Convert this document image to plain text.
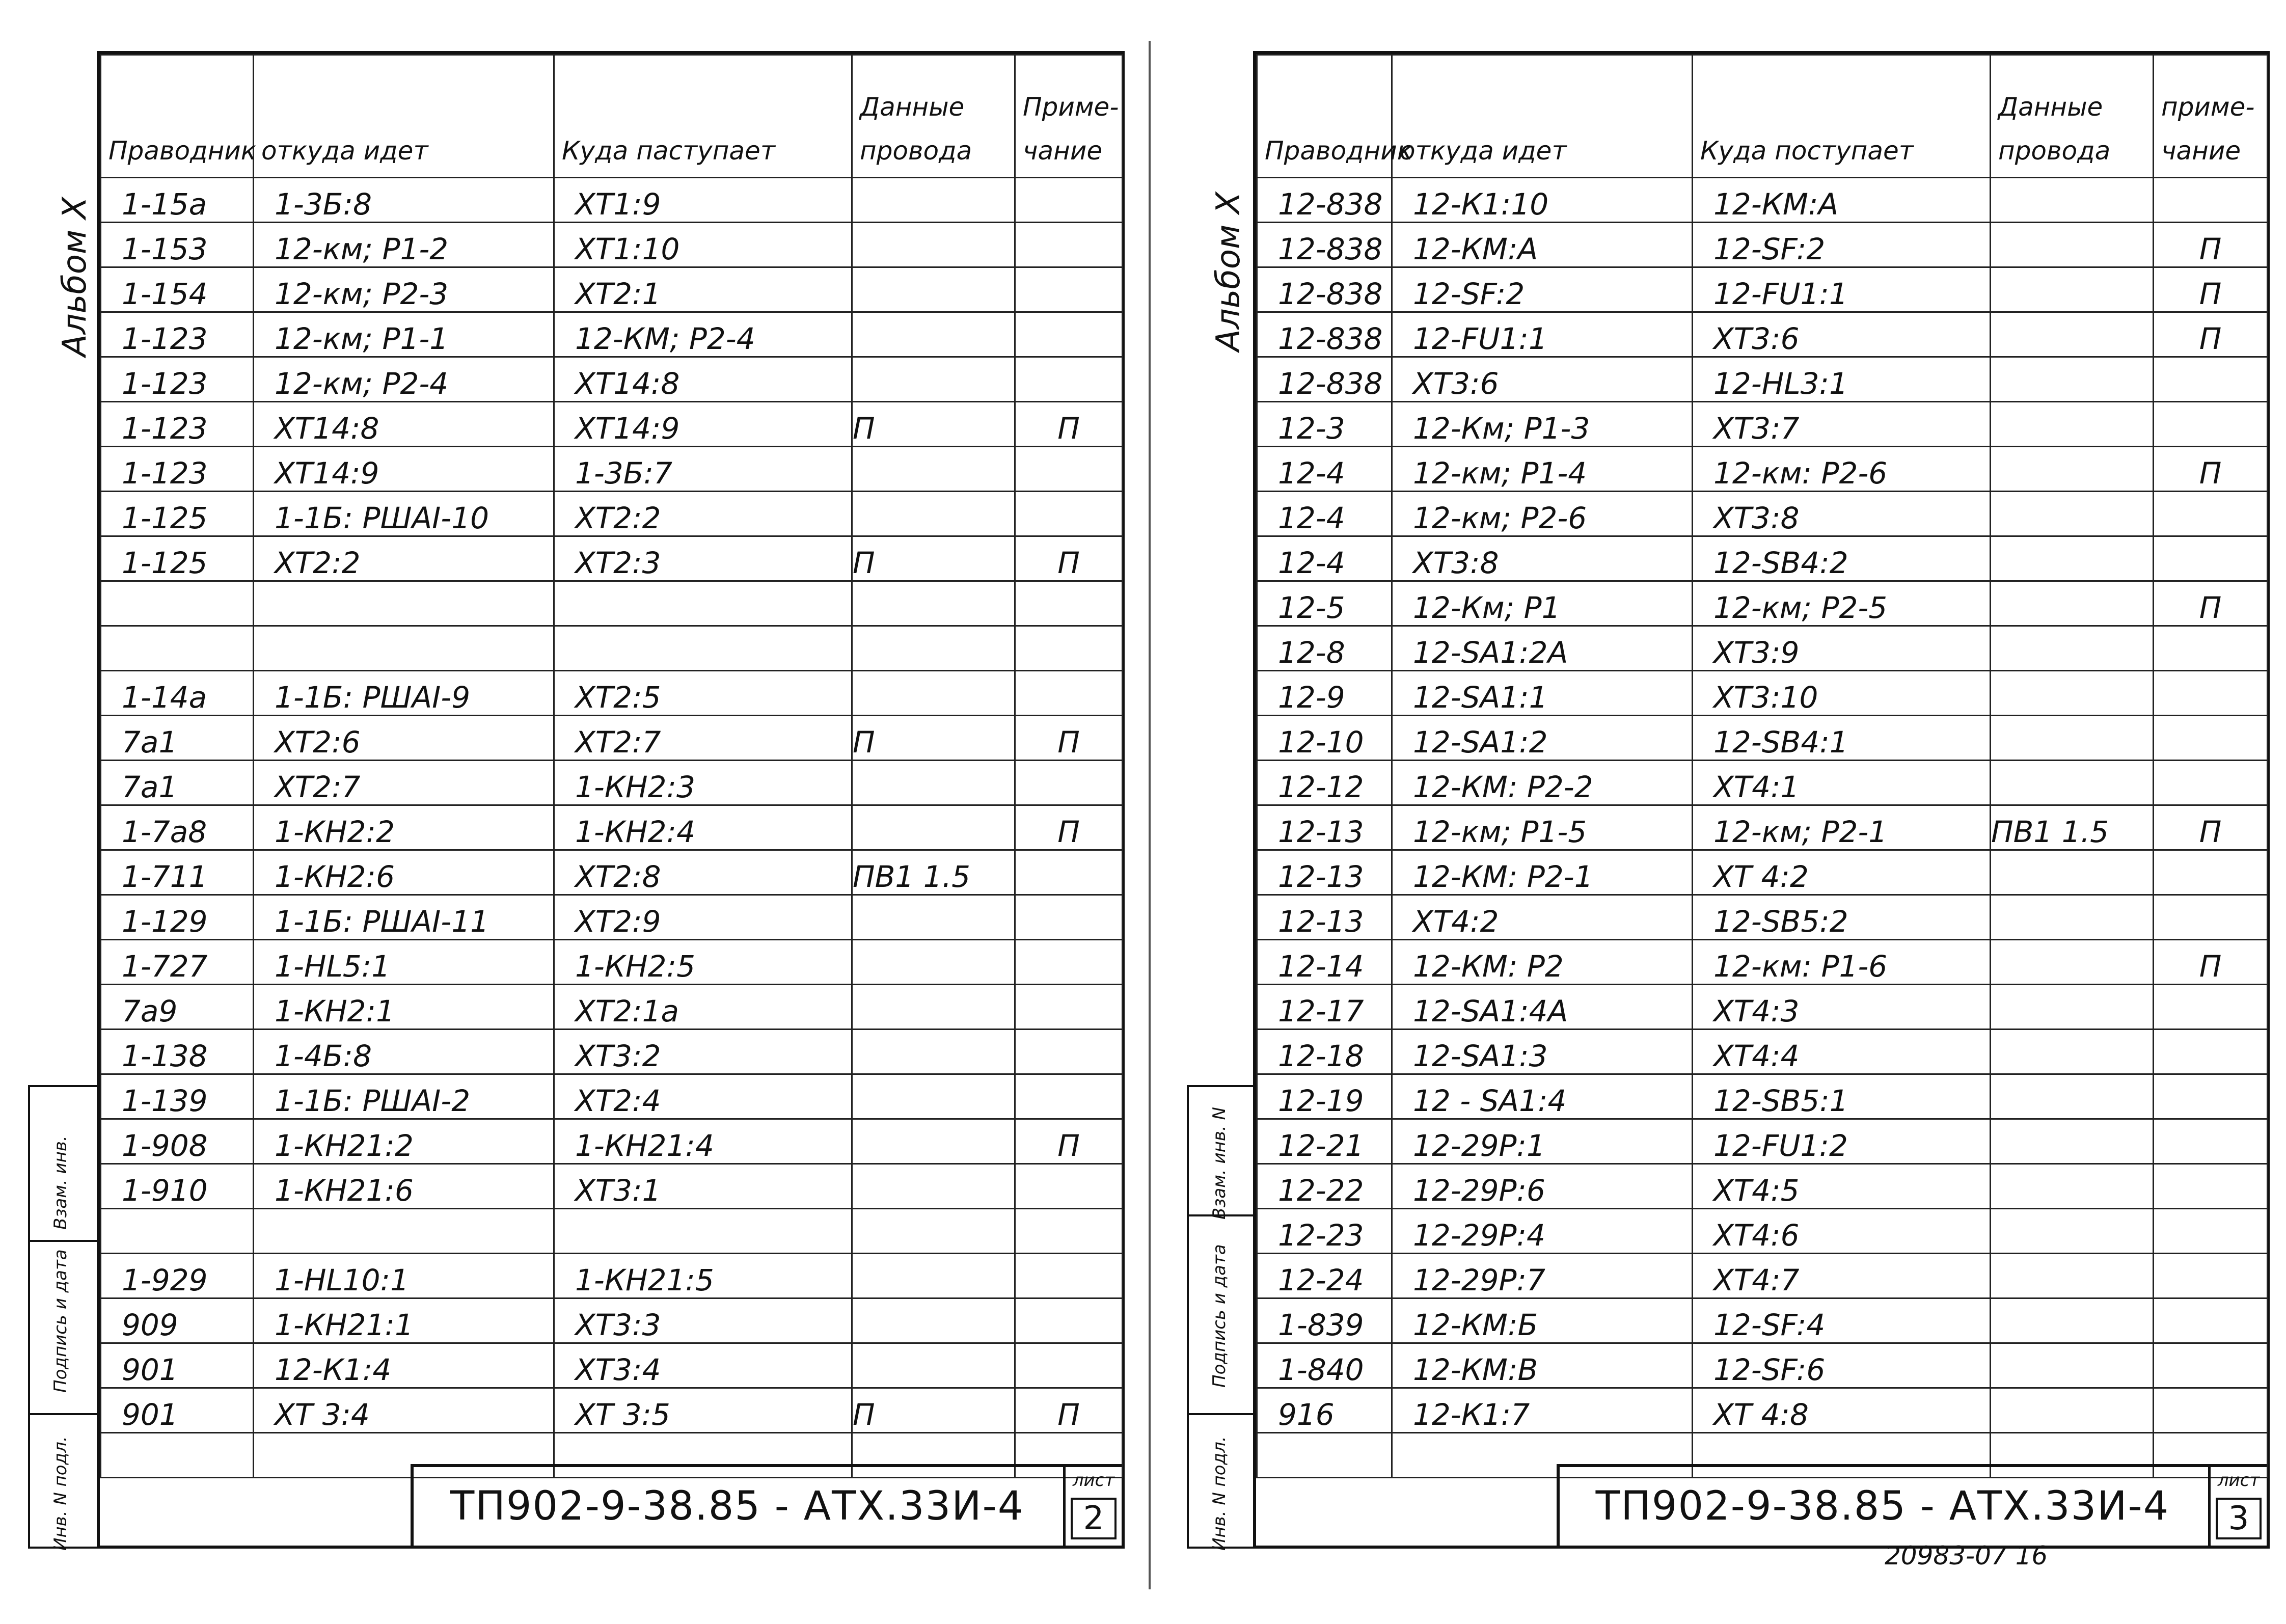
Альбом X
Инв. N подл.
Подпись и дата
Взам. инв.
Праводник	откуда идет	Куда паступает	Данные провода	Приме-чание
1-15a	1-3Б:8	ХТ1:9		
1-153	12-км; Р1-2	ХТ1:10		
1-154	12-км; Р2-3	ХТ2:1		
1-123	12-км; Р1-1	12-КМ; Р2-4		
1-123	12-км; Р2-4	ХТ14:8		
1-123	ХТ14:8	ХТ14:9	П	П
1-123	ХТ14:9	1-3Б:7		
1-125	1-1Б: РШАI-10	ХТ2:2		
1-125	ХТ2:2	ХТ2:3	П	П

1-14a	1-1Б: РШАI-9	ХТ2:5		
7a1	ХТ2:6	ХТ2:7	П	П
7a1	ХТ2:7	1-КН2:3		
1-7a8	1-КН2:2	1-КН2:4		П
1-711	1-КН2:6	ХТ2:8	ПВ1 1.5	
1-129	1-1Б: РШАI-11	ХТ2:9		
1-727	1-НL5:1	1-КН2:5		
7a9	1-КН2:1	ХТ2:1a		
1-138	1-4Б:8	ХТ3:2		
1-139	1-1Б: РШАI-2	ХТ2:4		
1-908	1-КН21:2	1-КН21:4		П
1-910	1-КН21:6	ХТ3:1		

1-929	1-НL10:1	1-КН21:5		
909	1-КН21:1	ХТ3:3		
901	12-К1:4	ХТ3:4		
901	ХТ 3:4	ХТ 3:5	П	П

ТП902-9-38.85 - АТХ.33И-4
лист
2
Альбом X
Инв. N подл.
Подпись и дата
Взам. инв. N
Праводник	откуда идет	Куда поступает	Данные провода	приме-чание
12-838	12-К1:10	12-КМ:А		
12-838	12-КМ:А	12-SF:2		П
12-838	12-SF:2	12-FU1:1		П
12-838	12-FU1:1	ХТ3:6		П
12-838	ХТ3:6	12-НL3:1		
12-3	12-Км; Р1-3	ХТ3:7		
12-4	12-км; Р1-4	12-км: Р2-6		П
12-4	12-км; Р2-6	ХТ3:8		
12-4	ХТ3:8	12-SВ4:2		
12-5	12-Км; Р1	12-км; Р2-5		П
12-8	12-SА1:2А	ХТ3:9		
12-9	12-SА1:1	ХТ3:10		
12-10	12-SА1:2	12-SВ4:1		
12-12	12-КМ: Р2-2	ХТ4:1		
12-13	12-км; Р1-5	12-км; Р2-1	ПВ1 1.5	П
12-13	12-КМ: Р2-1	ХТ 4:2		
12-13	ХТ4:2	12-SВ5:2		
12-14	12-КМ: Р2	12-км: Р1-6		П
12-17	12-SА1:4А	ХТ4:3		
12-18	12-SА1:3	ХТ4:4		
12-19	12 - SА1:4	12-SВ5:1		
12-21	12-29Р:1	12-FU1:2		
12-22	12-29Р:6	ХТ4:5		
12-23	12-29Р:4	ХТ4:6		
12-24	12-29Р:7	ХТ4:7		
1-839	12-КМ:Б	12-SF:4		
1-840	12-КМ:В	12-SF:6		
916	12-К1:7	ХТ 4:8		

ТП902-9-38.85 - АТХ.33И-4
лист
3
20983-07 16
